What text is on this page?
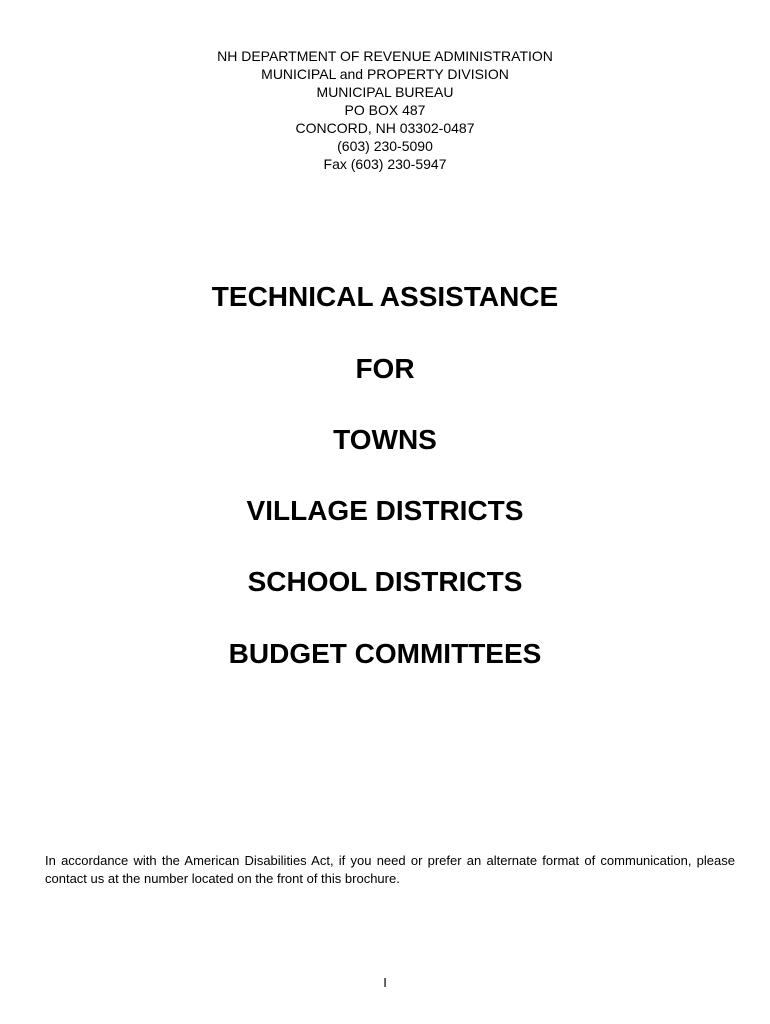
NH DEPARTMENT OF REVENUE ADMINISTRATION
MUNICIPAL and PROPERTY DIVISION
MUNICIPAL BUREAU
PO BOX 487
CONCORD, NH 03302-0487
(603) 230-5090
Fax (603) 230-5947
TECHNICAL ASSISTANCE
FOR
TOWNS
VILLAGE DISTRICTS
SCHOOL DISTRICTS
BUDGET COMMITTEES
In accordance with the American Disabilities Act, if you need or prefer an alternate format of communication, please contact us at the number located on the front of this brochure.
I
